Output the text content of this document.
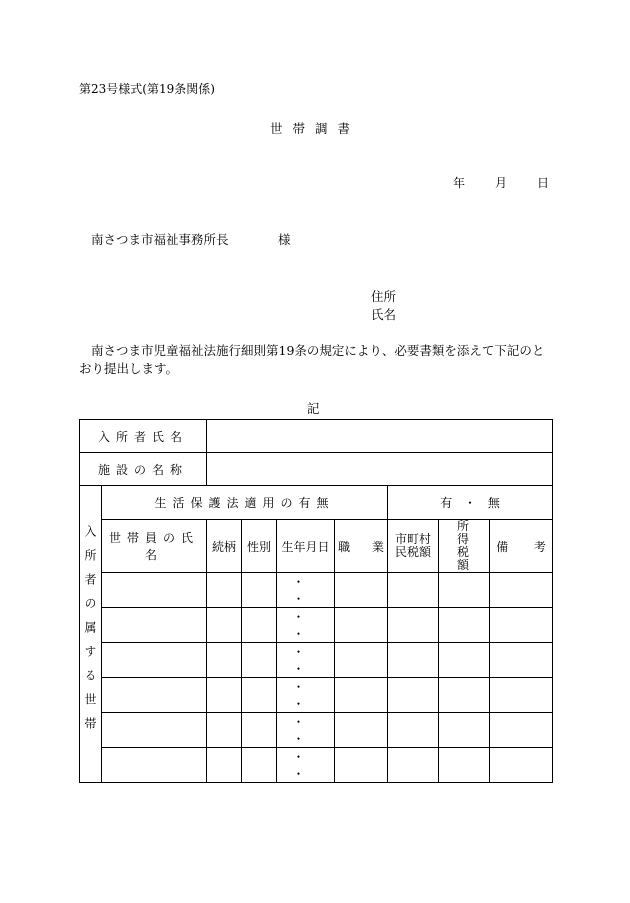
第23号様式(第19条関係)
世帯調書
年	月	日
南さつま市福祉事務所長	様
住所
氏名
南さつま市児童福祉法施行細則第19条の規定により、必要書類を添えて下記のとおり提出します。
記
入所者氏名								
施設の名称								
入所者の属する世帯	生活保護法適用の有無					有 ・ 無		
	世帯員の氏名	続柄	性別	生年月日	職 業	市町村民税額	所得税額	備 考
				・ ・				
				・ ・				
				・ ・				
				・ ・				
				・ ・				
				・ ・				
